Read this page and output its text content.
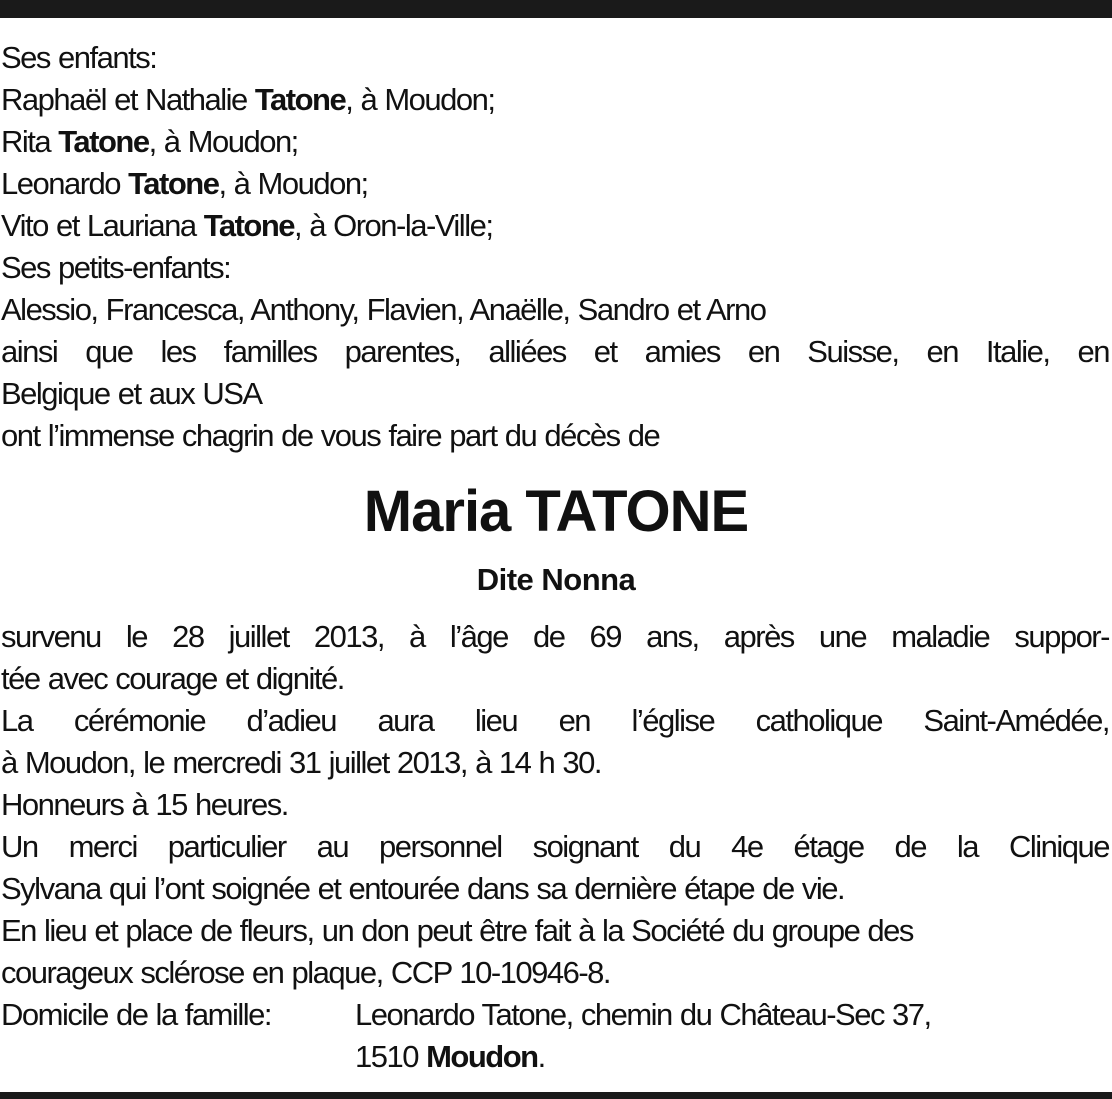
Ses enfants:
Raphaël et Nathalie Tatone, à Moudon;
Rita Tatone, à Moudon;
Leonardo Tatone, à Moudon;
Vito et Lauriana Tatone, à Oron-la-Ville;
Ses petits-enfants:
Alessio, Francesca, Anthony, Flavien, Anaëlle, Sandro et Arno
ainsi que les familles parentes, alliées et amies en Suisse, en Italie, en
Belgique et aux USA
ont l’immense chagrin de vous faire part du décès de
Maria TATONE
Dite Nonna
survenu le 28 juillet 2013, à l’âge de 69 ans, après une maladie suppor-
tée avec courage et dignité.
La cérémonie d’adieu aura lieu en l’église catholique Saint-Amédée,
à Moudon, le mercredi 31 juillet 2013, à 14 h 30.
Honneurs à 15 heures.
Un merci particulier au personnel soignant du 4e étage de la Clinique
Sylvana qui l’ont soignée et entourée dans sa dernière étape de vie.
En lieu et place de fleurs, un don peut être fait à la Société du groupe des
courageux sclérose en plaque, CCP 10-10946-8.
Domicile de la famille:	Leonardo Tatone, chemin du Château-Sec 37,
1510 Moudon.
